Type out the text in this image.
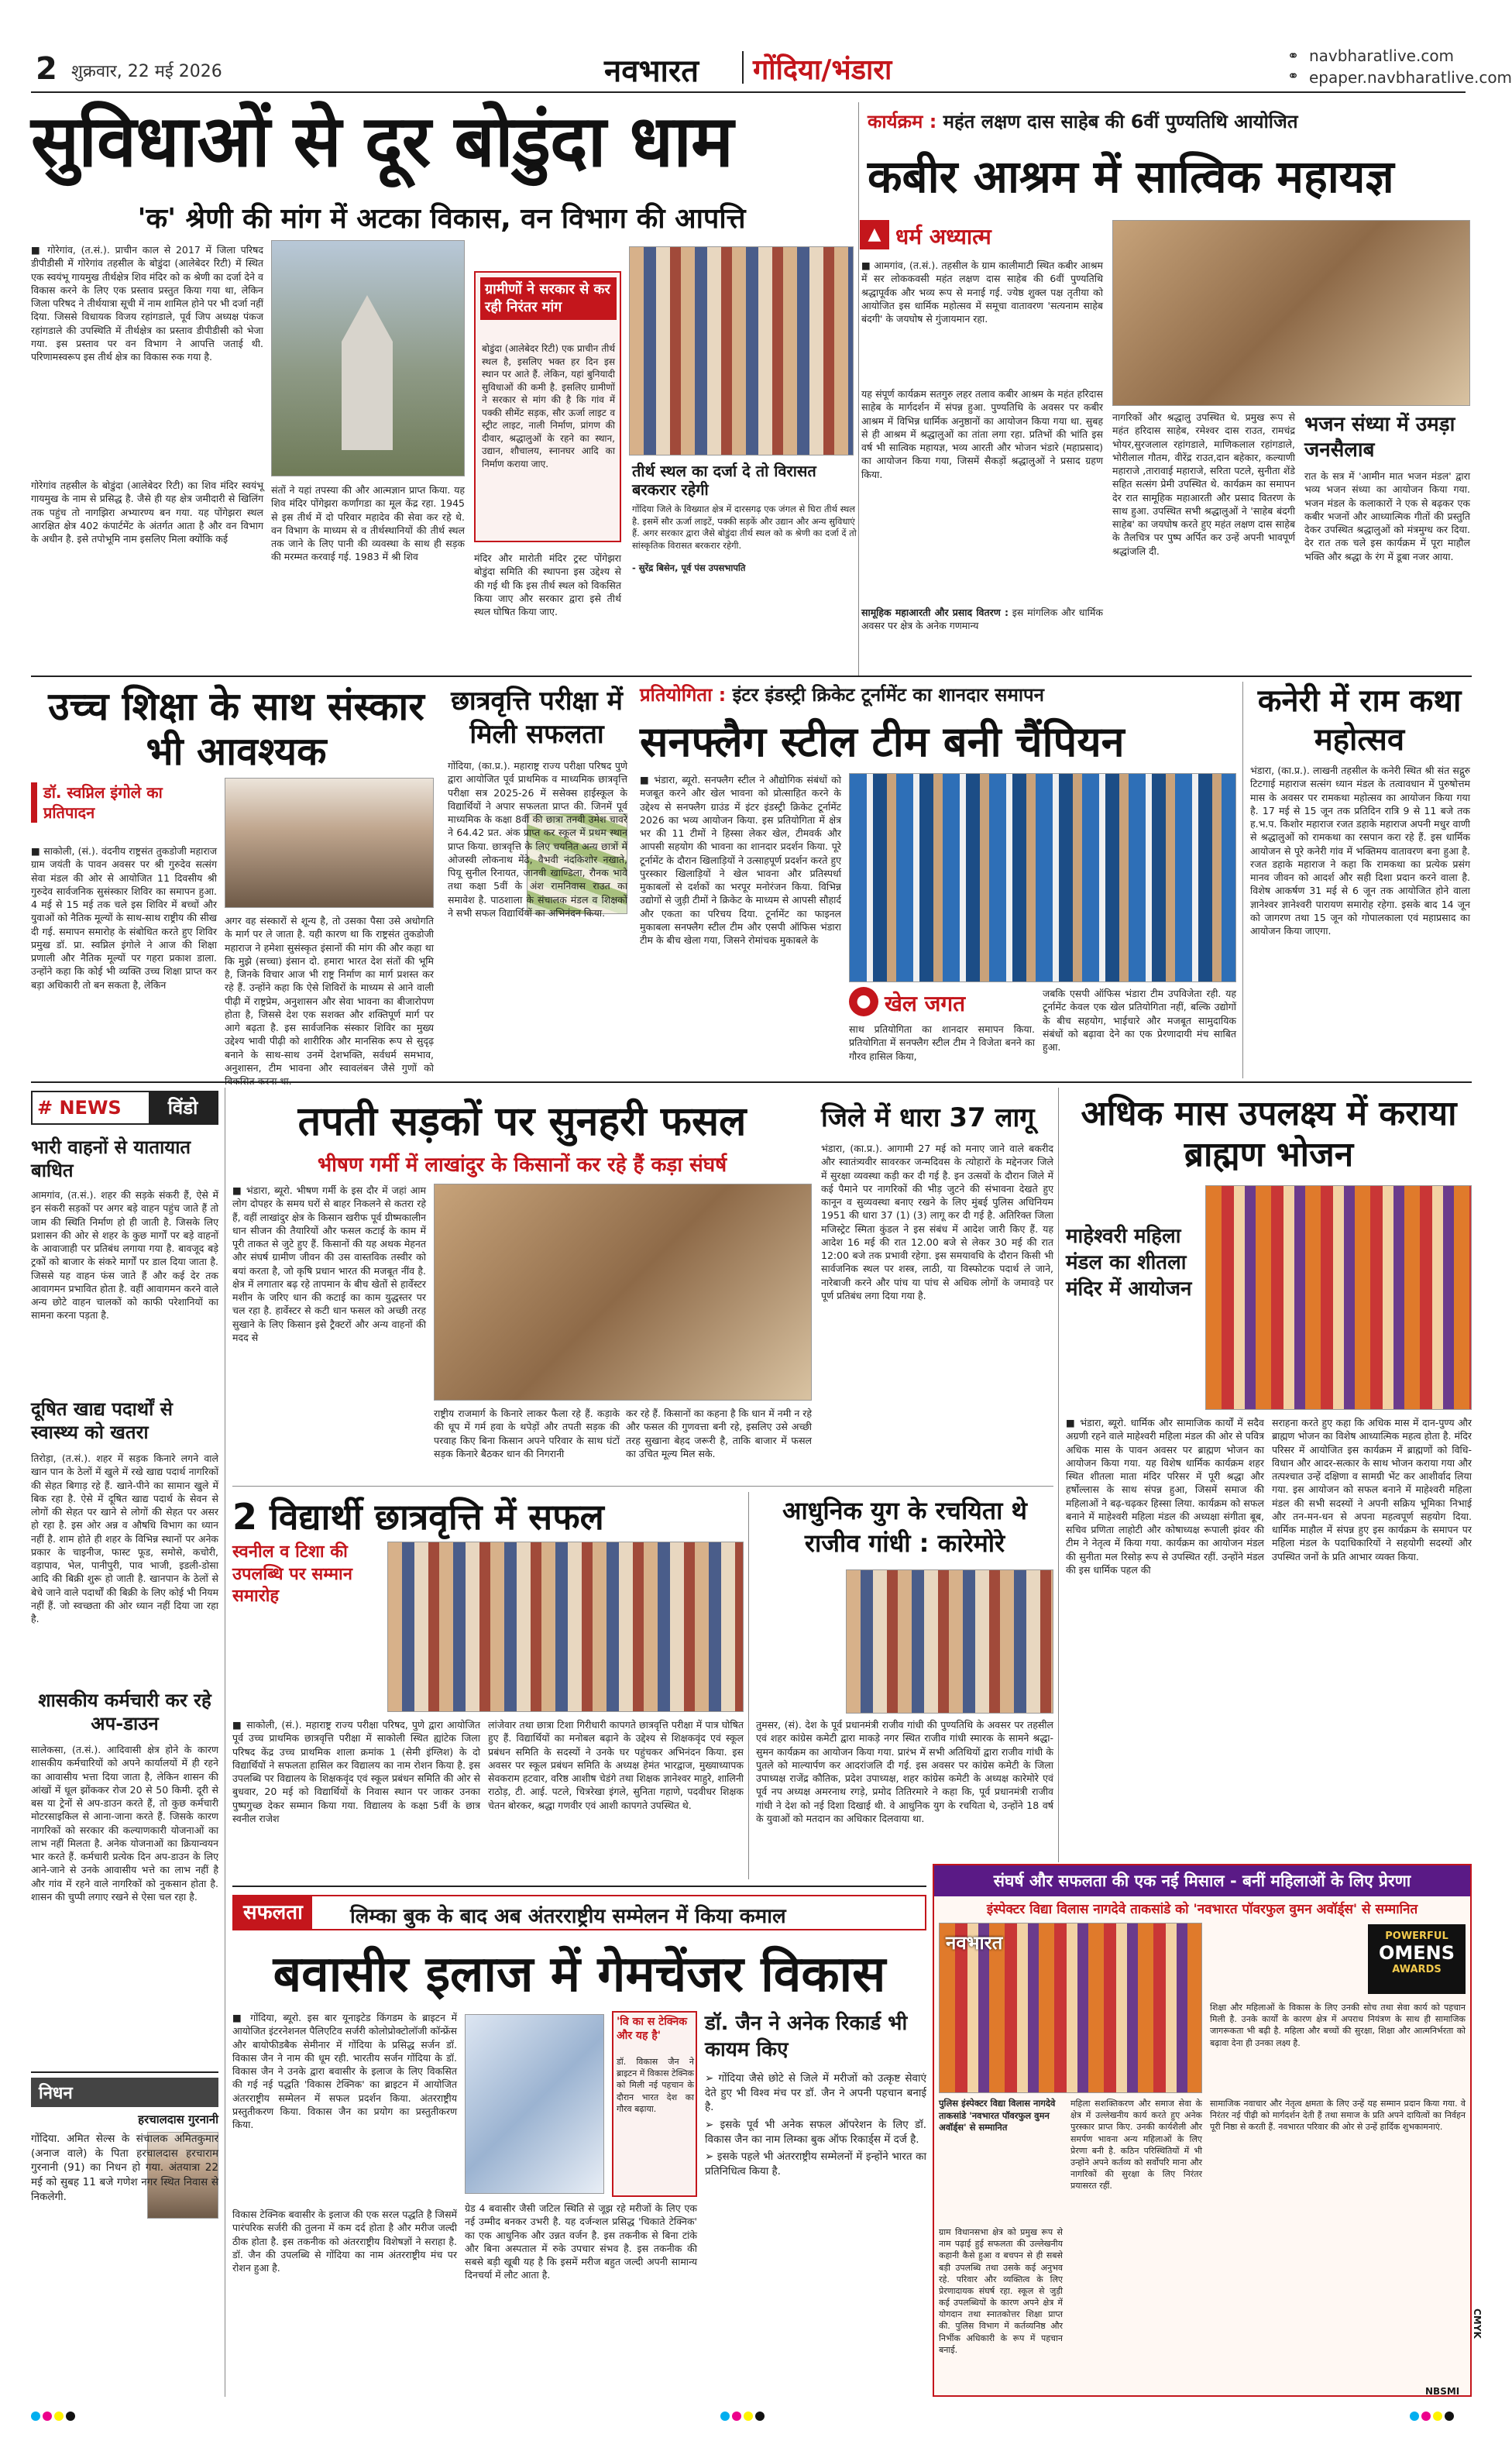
2 शुक्रवार, 22 मई 2026	नवभारत गोंदिया/भंडारा	⚭ navbharatlive.com
⚭ epaper.navbharatlive.com
सुविधाओं से दूर बोडुंदा धाम
'क' श्रेणी की मांग में अटका विकास, वन विभाग की आपत्ति
■ गोरेगांव, (त.सं.). प्राचीन काल से 2017 में जिला परिषद डीपीडीसी में गोरेगांव तहसील के बोडुंदा (आलेबेदर रिटी) में स्थित एक स्वयंभू गायमुख तीर्थक्षेत्र शिव मंदिर को क श्रेणी का दर्जा देने व विकास करने के लिए एक प्रस्ताव प्रस्तुत किया गया था, लेकिन जिला परिषद ने तीर्थयात्रा सूची में नाम शामिल होने पर भी दर्जा नहीं दिया. जिससे विधायक विजय रहांगडाले, पूर्व जिप अध्यक्ष पंकज रहांगडाले की उपस्थिति में तीर्थक्षेत्र का प्रस्ताव डीपीडीसी को भेजा गया. इस प्रस्ताव पर वन विभाग ने आपत्ति जताई थी. परिणामस्वरूप इस तीर्थ क्षेत्र का विकास रुक गया है.
गोरेगांव तहसील के बोडुंदा (आलेबेदर रिटी) का शिव मंदिर स्वयंभू गायमुख के नाम से प्रसिद्ध है. जैसे ही यह क्षेत्र जमीदारी से खिलिंग तक पहुंच तो नागझिरा अभ्यारण्य बन गया. यह पोंगेझरा स्थल आरक्षित क्षेत्र 402 कंपार्टमेंट के अंतर्गत आता है और वन विभाग के अधीन है. इसे तपोभूमि नाम इसलिए मिला क्योंकि कई
संतों ने यहां तपस्या की और आत्मज्ञान प्राप्त किया. यह शिव मंदिर पोंगेझरा कर्णांगडा का मूल केंद्र रहा. 1945 से इस तीर्थ में दो परिवार महादेव की सेवा कर रहे थे. वन विभाग के माध्यम से व तीर्थस्थानियों की तीर्थ स्थल तक जाने के लिए पानी की व्यवस्था के साथ ही सड़क की मरम्मत करवाई गई. 1983 में श्री शिव
ग्रामीणों ने सरकार से कर रही निरंतर मांग
बोडुंदा (आलेबेदर रिटी) एक प्राचीन तीर्थ स्थल है, इसलिए भक्त हर दिन इस स्थान पर आते हैं. लेकिन, यहां बुनियादी सुविधाओं की कमी है. इसलिए ग्रामीणों ने सरकार से मांग की है कि गांव में पक्की सीमेंट सड़क, सौर ऊर्जा लाइट व स्ट्रीट लाइट, नाली निर्माण, प्रांगण की दीवार, श्रद्धालुओं के रहने का स्थान, उद्यान, शौचालय, स्नानघर आदि का निर्माण कराया जाए.	तीर्थ स्थल का दर्जा दे तो विरासत बरकरार रहेगी
गोंदिया जिले के विख्यात क्षेत्र में दारसगढ़ एक जंगल से घिरा तीर्थ स्थल है. इसमें सौर ऊर्जा लाइटें, पक्की सड़कें और उद्यान और अन्य सुविधाएं हैं. अगर सरकार द्वारा जैसे बोडुंदा तीर्थ स्थल को क श्रेणी का दर्जा दें तो सांस्कृतिक विरासत बरकरार रहेगी.
- सुरेंद्र बिसेन, पूर्व पंस उपसभापति
मंदिर और मारोती मंदिर ट्रस्ट पोंगेझरा बोडुंदा समिति की स्थापना इस उद्देश्य से की गई थी कि इस तीर्थ स्थल को विकसित किया जाए और सरकार द्वारा इसे तीर्थ स्थल घोषित किया जाए.
कार्यक्रम : महंत लक्षण दास साहेब की 6वीं पुण्यतिथि आयोजित
कबीर आश्रम में सात्विक महायज्ञ
▲ धर्म अध्यात्म
■ आमगांव, (त.सं.). तहसील के ग्राम कालीमाटी स्थित कबीर आश्रम में सर लोककवसी महंत लक्षण दास साहेब की 6वीं पुण्यतिथि श्रद्धापूर्वक और भव्य रूप से मनाई गई. ज्येष्ठ शुक्ल पक्ष तृतीया को आयोजित इस धार्मिक महोत्सव में समूचा वातावरण 'सत्यनाम साहेब बंदगी' के जयघोष से गुंजायमान रहा.
यह संपूर्ण कार्यक्रम सतगुरु लहर तलाव कबीर आश्रम के महंत हरिदास साहेब के मार्गदर्शन में संपन्न हुआ. पुण्यतिथि के अवसर पर कबीर आश्रम में विभिन्न धार्मिक अनुष्ठानों का आयोजन किया गया था. सुबह से ही आश्रम में श्रद्धालुओं का तांता लगा रहा. प्रतिभों की भांति इस वर्ष भी सात्विक महायज्ञ, भव्य आरती और भोजन भंडारे (महाप्रसाद) का आयोजन किया गया, जिसमें सैकड़ों श्रद्धालुओं ने प्रसाद ग्रहण किया.
सामूहिक महाआरती और प्रसाद वितरण : इस मांगलिक और धार्मिक अवसर पर क्षेत्र के अनेक गणमान्य
नागरिकों और श्रद्धालु उपस्थित थे. प्रमुख रूप से महंत हरिदास साहेब, रमेश्वर दास राउत, रामचंद्र भोयर,सुरजलाल रहांगडाले, माणिकलाल रहांगडाले, भोरीलाल गौतम, वीरेंद्र राउत,दान बहेकार, कल्याणी महाराजे ,तारावाई महाराजे, सरिता पटले, सुनीता शेंडे सहित सत्संग प्रेमी उपस्थित थे. कार्यक्रम का समापन देर रात सामूहिक महाआरती और प्रसाद वितरण के साथ हुआ. उपस्थित सभी श्रद्धालुओं ने 'साहेब बंदगी साहेब' का जयघोष करते हुए महंत लक्षण दास साहेब के तैलचित्र पर पुष्प अर्पित कर उन्हें अपनी भावपूर्ण श्रद्धांजलि दी.
भजन संध्या में उमड़ा जनसैलाब
रात के सत्र में 'आमीन मात भजन मंडल' द्वारा भव्य भजन संध्या का आयोजन किया गया. भजन मंडल के कलाकारों ने एक से बढ़कर एक कबीर भजनों और आध्यात्मिक गीतों की प्रस्तुति देकर उपस्थित श्रद्धालुओं को मंत्रमुग्ध कर दिया. देर रात तक चले इस कार्यक्रम में पूरा माहौल भक्ति और श्रद्धा के रंग में डूबा नजर आया.
उच्च शिक्षा के साथ संस्कार भी आवश्यक
डॉ. स्वप्निल इंगोले का प्रतिपादन
■ साकोली, (सं.). वंदनीय राष्ट्रसंत तुकडोजी महाराज ग्राम जयंती के पावन अवसर पर श्री गुरुदेव सत्संग सेवा मंडल की ओर से आयोजित 11 दिवसीय श्री गुरुदेव सार्वजनिक सुसंस्कार शिविर का समापन हुआ. 4 मई से 15 मई तक चले इस शिविर में बच्चों और युवाओं को नैतिक मूल्यों के साथ-साथ राष्ट्रीय की सीख दी गई. समापन समारोह के संबोधित करते हुए शिविर प्रमुख डॉ. प्रा. स्वप्निल इंगोले ने आज की शिक्षा प्रणाली और नैतिक मूल्यों पर गहरा प्रकाश डाला. उन्होंने कहा कि कोई भी व्यक्ति उच्च शिक्षा प्राप्त कर बड़ा अधिकारी तो बन सकता है, लेकिन
अगर वह संस्कारों से शून्य है, तो उसका पैसा उसे अधोगति के मार्ग पर ले जाता है. यही कारण था कि राष्ट्रसंत तुकडोजी महाराज ने हमेशा सुसंस्कृत इंसानों की मांग की और कहा था कि मुझे (सच्चा) इंसान दो. हमारा भारत देश संतों की भूमि है, जिनके विचार आज भी राष्ट्र निर्माण का मार्ग प्रशस्त कर रहे हैं. उन्होंने कहा कि ऐसे शिविरों के माध्यम से आने वाली पीढ़ी में राष्ट्रप्रेम, अनुशासन और सेवा भावना का बीजारोपण होता है, जिससे देश एक सशक्त और शक्तिपूर्ण मार्ग पर आगे बढ़ता है. इस सार्वजनिक संस्कार शिविर का मुख्य उद्देश्य भावी पीढ़ी को शारीरिक और मानसिक रूप से सुदृढ़ बनाने के साथ-साथ उनमें देशभक्ति, सर्वधर्म समभाव, अनुशासन, टीम भावना और स्वावलंबन जैसे गुणों को
छात्रवृत्ति परीक्षा में मिली सफलता
गोंदिया, (का.प्र.). महाराष्ट्र राज्य परीक्षा परिषद पुणे द्वारा आयोजित पूर्व प्राथमिक व माध्यमिक छात्रवृत्ति परीक्षा सत्र 2025-26 में ससेक्स हाईस्कूल के विद्यार्थियों ने अपार सफलता प्राप्त की. जिनमें पूर्व माध्यमिक के कक्षा 8वीं की छात्रा तनवी उमेश चावरे ने 64.42 प्रत. अंक प्राप्त कर स्कूल में प्रथम स्थान प्राप्त किया. छात्रवृत्ति के लिए चयनित अन्य छात्रों में ओजस्वी लोकनाथ मेंढे, वैभवी नंदकिशोर नखाते, पियू सुनील रिनायत, जानवी खाण्डिला, रौनक भावे तथा कक्षा 5वीं के अंश रामनिवास राउत का समावेश है. पाठशाला के संचालक मंडल व शिक्षकों ने सभी सफल विद्यार्थियों का अभिनंदन किया.
प्रतियोगिता : इंटर इंडस्ट्री क्रिकेट टूर्नामेंट का शानदार समापन
सनफ्लैग स्टील टीम बनी चैंपियन
■ भंडारा, ब्यूरो. सनफ्लैग स्टील ने औद्योगिक संबंधों को मजबूत करने और खेल भावना को प्रोत्साहित करने के उद्देश्य से सनफ्लैग ग्राउंड में इंटर इंडस्ट्री क्रिकेट टूर्नामेंट 2026 का भव्य आयोजन किया. इस प्रतियोगिता में क्षेत्र भर की 11 टीमों ने हिस्सा लेकर खेल, टीमवर्क और आपसी सहयोग की भावना का शानदार प्रदर्शन किया. पूरे टूर्नामेंट के दौरान खिलाड़ियों ने उत्साहपूर्ण प्रदर्शन करते हुए पुरस्कार खिलाड़ियों ने खेल भावना और प्रतिस्पर्धा मुकाबलों से दर्शकों का भरपूर मनोरंजन किया. विभिन्न उद्योगों से जुड़ी टीमों ने क्रिकेट के माध्यम से आपसी सौहार्द और एकता का परिचय दिया. टूर्नामेंट का फाइनल मुकाबला सनफ्लैग स्टील टीम और एसपी ऑफिस भंडारा टीम के बीच खेला गया, जिसने रोमांचक मुकाबले के
● खेल जगत
साथ प्रतियोगिता का शानदार समापन किया. प्रतियोगिता में सनफ्लैग स्टील टीम ने विजेता बनने का गौरव हासिल किया,
जबकि एसपी ऑफिस भंडारा टीम उपविजेता रही. यह टूर्नामेंट केवल एक खेल प्रतियोगिता नहीं, बल्कि उद्योगों के बीच सहयोग, भाईचारे और मजबूत सामुदायिक संबंधों को बढ़ावा देने का एक प्रेरणादायी मंच साबित हुआ.
कनेरी में राम कथा महोत्सव
भंडारा, (का.प्र.). लाखनी तहसील के कनेरी स्थित श्री संत सद्गुरु टिटगाई महाराज सत्संग ध्यान मंडल के तत्वावधान में पुरुषोत्तम मास के अवसर पर रामकथा महोत्सव का आयोजन किया गया है. 17 मई से 15 जून तक प्रतिदिन रात्रि 9 से 11 बजे तक ह.भ.प. किशोर महाराज रजत डहाके महाराज अपनी मधुर वाणी से श्रद्धालुओं को रामकथा का रसपान करा रहे हैं. इस धार्मिक आयोजन से पूरे कनेरी गांव में भक्तिमय वातावरण बना हुआ है. रजत डहाके महाराज ने कहा कि रामकथा का प्रत्येक प्रसंग मानव जीवन को आदर्श और सही दिशा प्रदान करने वाला है. विशेष आकर्षण 31 मई से 6 जून तक आयोजित होने वाला ज्ञानेश्वर ज्ञानेश्वरी पारायण समारोह रहेगा. इसके बाद 14 जून को जागरण तथा 15 जून को गोपालकाला एवं महाप्रसाद का आयोजन किया जाएगा.
# NEWS	विंडो
भारी वाहनों से यातायात बाधित
आमगांव, (त.सं.). शहर की सड़के संकरी हैं, ऐसे में इन संकरी सड़कों पर अगर बड़े वाहन पहुंच जाते हैं तो जाम की स्थिति निर्माण हो ही जाती है. जिसके लिए प्रशासन की ओर से शहर के कुछ मार्गों पर बड़े वाहनों के आवाजाही पर प्रतिबंध लगाया गया है. बावजूद बड़े ट्रकों को बाजार के संकरे मार्गों पर डाल दिया जाता है. जिससे यह वाहन फंस जाते हैं और कई देर तक आवागमन प्रभावित होता है. वहीं आवागमन करने वाले अन्य छोटे वाहन चालकों को काफी परेशानियों का सामना करना पड़ता है.
दूषित खाद्य पदार्थों से स्वास्थ्य को खतरा
तिरोड़ा, (त.सं.). शहर में सड़क किनारे लगने वाले खान पान के ठेलों में खुले में रखे खाद्य पदार्थ नागरिकों की सेहत बिगाड़ रहे हैं. खाने-पीने का सामान खुले में बिक रहा है. ऐसे में दूषित खाद्य पदार्थ के सेवन से लोगों की सेहत पर खाने से लोगों की सेहत पर असर हो रहा है. इस ओर अन्न व औषधि विभाग का ध्यान नहीं है. शाम होते ही शहर के विभिन्न स्थानों पर अनेक प्रकार के चाइनीज, फास्ट फूड, समोसे, कचोरी, वड़ापाव, भेल, पानीपुरी, पाव भाजी, इडली-डोसा आदि की बिक्री शुरू हो जाती है. खानपान के ठेलों से बेचे जाने वाले पदार्थों की बिक्री के लिए कोई भी नियम नहीं हैं. जो स्वच्छता की ओर ध्यान नहीं दिया जा रहा है.
शासकीय कर्मचारी कर रहे अप-डाउन
सालेकसा, (त.सं.). आदिवासी क्षेत्र होने के कारण शासकीय कर्मचारियों को अपने कार्यालयों में ही रहने का आवासीय भत्ता दिया जाता है, लेकिन शासन की आंखों में धूल झोंककर रोज 20 से 50 किमी. दूरी से बस या ट्रेनों से अप-डाउन करते हैं, तो कुछ कर्मचारी मोटरसाइकिल से आना-जाना करते हैं. जिसके कारण नागरिकों को सरकार की कल्याणकारी योजनाओं का लाभ नहीं मिलता है. अनेक योजनाओं का क्रियान्वयन भार करते हैं. कर्मचारी प्रत्येक दिन अप-डाउन के लिए आने-जाने से उनके आवासीय भत्ते का लाभ नहीं है और गांव में रहने वाले नागरिकों को नुकसान होता है. शासन की चुप्पी लगाए रखने से ऐसा चल रहा है.
निधन
हरचालदास गुरनानी
गोंदिया. अमित सेल्स के संचालक अमितकुमार (अनाज वाले) के पिता हरचालदास हरचाराम गुरनानी (91) का निधन हो गया. अंतयात्रा 22 मई को सुबह 11 बजे गणेश नगर स्थित निवास से निकलेगी.
तपती सड़कों पर सुनहरी फसल
भीषण गर्मी में लाखांदुर के किसानों कर रहे हैं कड़ा संघर्ष
■ भंडारा, ब्यूरो. भीषण गर्मी के इस दौर में जहां आम लोग दोपहर के समय घरों से बाहर निकलने से कतरा रहे हैं, वहीं लाखांदुर क्षेत्र के किसान खरीफ पूर्व ग्रीष्मकालीन धान सीजन की तैयारियों और फसल कटाई के काम में पूरी ताकत से जुटे हुए हैं. किसानों की यह अथक मेहनत और संघर्ष ग्रामीण जीवन की उस वास्तविक तस्वीर को बयां करता है, जो कृषि प्रधान भारत की मजबूत नींव है. क्षेत्र में लगातार बढ़ रहे तापमान के बीच खेतों से हार्वेस्टर मशीन के जरिए धान की कटाई का काम युद्धस्तर पर चल रहा है. हार्वेस्टर से कटी धान फसल को अच्छी तरह सुखाने के लिए किसान इसे ट्रैक्टरों और अन्य वाहनों की मदद से
राष्ट्रीय राजमार्ग के किनारे लाकर फैला रहे हैं. कड़ाके की धूप में गर्म हवा के थपेड़ों और तपती सड़क की परवाह किए बिना किसान अपने परिवार के साथ घंटों सड़क किनारे बैठकर धान की निगरानी
कर रहे हैं. किसानों का कहना है कि धान में नमी न रहे और फसल की गुणवत्ता बनी रहे, इसलिए उसे अच्छी तरह सुखाना बेहद जरूरी है, ताकि बाजार में फसल का उचित मूल्य मिल सके.
जिले में धारा 37 लागू
भंडारा, (का.प्र.). आगामी 27 मई को मनाए जाने वाले बकरीद और स्वातंत्र्यवीर सावरकर जन्मदिवस के त्योहारों के मद्देनजर जिले में सुरक्षा व्यवस्था कड़ी कर दी गई है. इन उत्सवों के दौरान जिले में कई पैमाने पर नागरिकों की भीड़ जुटने की संभावना देखते हुए कानून व सुव्यवस्था बनाए रखने के लिए मुंबई पुलिस अधिनियम 1951 की धारा 37 (1) (3) लागू कर दी गई है. अतिरिक्त जिला मजिस्ट्रेट स्मिता कुंडल ने इस संबंध में आदेश जारी किए हैं. यह आदेश 16 मई की रात 12.00 बजे से लेकर 30 मई की रात 12:00 बजे तक प्रभावी रहेगा. इस समयावधि के दौरान किसी भी सार्वजनिक स्थल पर शस्त्र, लाठी, या विस्फोटक पदार्थ ले जाने, नारेबाजी करने और पांच या पांच से अधिक लोगों के जमावड़े पर पूर्ण प्रतिबंध लगा दिया गया है.
अधिक मास उपलक्ष्य में कराया ब्राह्मण भोजन
माहेश्वरी महिला मंडल का शीतला मंदिर में आयोजन
■ भंडारा, ब्यूरो. धार्मिक और सामाजिक कार्यों में सदैव अग्रणी रहने वाले माहेश्वरी महिला मंडल की ओर से पवित्र अधिक मास के पावन अवसर पर ब्राह्मण भोजन का आयोजन किया गया. यह विशेष धार्मिक कार्यक्रम शहर स्थित शीतला माता मंदिर परिसर में पूरी श्रद्धा और हर्षोल्लास के साथ संपन्न हुआ, जिसमें समाज की महिलाओं ने बढ़-चढ़कर हिस्सा लिया. कार्यक्रम को सफल बनाने में माहेश्वरी महिला मंडल की अध्यक्षा संगीता बूब, सचिव प्रणिता लाहोटी और कोषाध्यक्ष रूपाली झंवर की टीम ने नेतृत्व में किया गया. कार्यक्रम का आयोजन मंडल की सुनीता मल रिसोड़ रूप से उपस्थित रहीं. उन्होंने मंडल की इस धार्मिक पहल की
सराहना करते हुए कहा कि अधिक मास में दान-पुण्य और ब्राह्मण भोजन का विशेष आध्यात्मिक महत्व होता है. मंदिर परिसर में आयोजित इस कार्यक्रम में ब्राह्मणों को विधि-विधान और आदर-सत्कार के साथ भोजन कराया गया और तत्पश्चात उन्हें दक्षिणा व सामग्री भेंट कर आशीर्वाद लिया गया. इस आयोजन को सफल बनाने में माहेश्वरी महिला मंडल की सभी सदस्यों ने अपनी सक्रिय भूमिका निभाई और तन-मन-धन से अपना महत्वपूर्ण सहयोग दिया. धार्मिक माहौल में संपन्न हुए इस कार्यक्रम के समापन पर महिला मंडल के पदाधिकारियों ने सहयोगी सदस्यों और उपस्थित जनों के प्रति आभार व्यक्त किया.
2 विद्यार्थी छात्रवृत्ति में सफल
स्वनील व टिशा की उपलब्धि पर सम्मान समारोह
■ साकोली, (सं.). महाराष्ट्र राज्य परीक्षा परिषद, पुणे द्वारा आयोजित पूर्व उच्च प्राथमिक छात्रवृत्ति परीक्षा में साकोली स्थित ह्यांटेक जिला परिषद केंद्र उच्च प्राथमिक शाला क्रमांक 1 (सेमी इंग्लिश) के दो विद्यार्थियों ने सफलता हासिल कर विद्यालय का नाम रोशन किया है. इस उपलब्धि पर विद्यालय के शिक्षकवृंद एवं स्कूल प्रबंधन समिति की ओर से बुधवार, 20 मई को विद्यार्थियों के निवास स्थान पर जाकर उनका पुष्पगुच्छ देकर सम्मान किया गया. विद्यालय के कक्षा 5वीं के छात्र स्वनील राजेश
लांजेवार तथा छात्रा टिशा गिरीधारी कापगते छात्रवृत्ति परीक्षा में पात्र घोषित हुए हैं. विद्यार्थियों का मनोबल बढ़ाने के उद्देश्य से शिक्षकवृंद एवं स्कूल प्रबंधन समिति के सदस्यों ने उनके घर पहुंचकर अभिनंदन किया. इस अवसर पर स्कूल प्रबंधन समिति के अध्यक्ष हेमंत भारद्वाज, मुख्याध्यापक सेवकराम हटवार, वरिष्ठ आशीष चेडंगे तथा शिक्षक ज्ञानेश्वर माहुरे, शालिनी राठोड़, टी. आई. पटले, चित्ररेखा इंगले, सुनिता गहाणे, पदवीधर शिक्षक चेतन बोरकर, श्रद्धा गणवीर एवं आशी कापगते उपस्थित थे.
आधुनिक युग के रचयिता थे राजीव गांधी : कारेमोरे
तुमसर, (सं). देश के पूर्व प्रधानमंत्री राजीव गांधी की पुण्यतिथि के अवसर पर तहसील एवं शहर कांग्रेस कमेटी द्वारा माकड़े नगर स्थित राजीव गांधी स्मारक के सामने श्रद्धा-सुमन कार्यक्रम का आयोजन किया गया. प्रारंभ में सभी अतिथियों द्वारा राजीव गांधी के पुतले को माल्यार्पण कर आदरांजलि दी गई. इस अवसर पर कांग्रेस कमेटी के जिला उपाध्यक्ष राजेंद्र कौतिक, प्रदेश उपाध्यक्ष, शहर कांग्रेस कमेटी के अध्यक्ष कारेमोरे एवं पूर्व नप अध्यक्ष अमरनाथ रगड़े, प्रमोद तितिरमारे ने कहा कि, पूर्व प्रधानमंत्री राजीव गांधी ने देश को नई दिशा दिखाई थी. वे आधुनिक युग के रचयिता थे, उन्होंने 18 वर्ष के युवाओं को मतदान का अधिकार दिलवाया था.
सफलता	लिम्का बुक के बाद अब अंतरराष्ट्रीय सम्मेलन में किया कमाल
बवासीर इलाज में गेमचेंजर विकास
■ गोंदिया, ब्यूरो. इस बार यूनाइटेड किंगडम के ब्राइटन में आयोजित इंटरनेशनल पैलिएटिव सर्जरी कोलोप्रोक्टोलॉजी कॉन्फ्रेंस और बायोफीडबैक सेमीनार में गोंदिया के प्रसिद्ध सर्जन डॉ. विकास जैन ने नाम की धूम रही. भारतीय सर्जन गोंदिया के डॉ. विकास जैन ने उनके द्वारा बवासीर के इलाज के लिए विकसित की गई नई पद्धति 'विकास टेक्निक' का ब्राइटन में आयोजित अंतरराष्ट्रीय सम्मेलन में सफल प्रदर्शन किया. अंतरराष्ट्रीय प्रस्तुतीकरण किया. विकास जैन का प्रयोग का प्रस्तुतीकरण किया.
विकास टेक्निक बवासीर के इलाज की एक सरल पद्धति है जिसमें पारंपरिक सर्जरी की तुलना में कम दर्द होता है और मरीज जल्दी ठीक होता है. इस तकनीक को अंतरराष्ट्रीय विशेषज्ञों ने सराहा है. डॉ. जैन की उपलब्धि से गोंदिया का नाम अंतरराष्ट्रीय मंच पर रोशन हुआ है.
'वि का स टेक्निक और यह है'
डॉ. विकास जैन ने ब्राइटन में विकास टेक्निक को मिली नई पहचान के दौरान भारत देश का गौरव बढ़ाया.
ग्रेड 4 बवासीर जैसी जटिल स्थिति से जूझ रहे मरीजों के लिए एक नई उम्मीद बनकर उभरी है. यह दर्जन्शल प्रसिद्ध 'चिकाते टेक्निक' का एक आधुनिक और उन्नत वर्जन है. इस तकनीक से बिना टांके और बिना अस्पताल में रुके उपचार संभव है. इस तकनीक की सबसे बड़ी खूबी यह है कि इसमें मरीज बहुत जल्दी अपनी सामान्य दिनचर्या में लौट आता है.
डॉ. जैन ने अनेक रिकार्ड भी कायम किए

➢ गोंदिया जैसे छोटे से जिले में मरीजों को उत्कृष्ट सेवाएं देते हुए भी विश्व मंच पर डॉ. जैन ने अपनी पहचान बनाई है.

➢ इसके पूर्व भी अनेक सफल ऑपरेशन के लिए डॉ. विकास जैन का नाम लिम्का बुक ऑफ रिकार्ड्स में दर्ज है.

➢ इसके पहले भी अंतरराष्ट्रीय सम्मेलनों में इन्होंने भारत का प्रतिनिधित्व किया है.

संघर्ष और सफलता की एक नई मिसाल - बनीं महिलाओं के लिए प्रेरणा
इंस्पेक्टर विद्या विलास नागदेवे ताकसांडे को 'नवभारत पॉवरफुल वुमन अवॉर्ड्स' से सम्मानित
नवभारत	POWERFUL
OMENS
AWARDS
शिक्षा और महिलाओं के विकास के लिए उनकी सोच तथा सेवा कार्य को पहचान मिली है. उनके कार्यों के कारण क्षेत्र में अपराध नियंत्रण के साथ ही सामाजिक जागरूकता भी बढ़ी है. महिला और बच्चों की सुरक्षा, शिक्षा और आत्मनिर्भरता को बढ़ावा देना ही उनका लक्ष्य है.
पुलिस इंस्पेक्टर विद्या विलास नागदेवे ताकसांडे 'नवभारत पॉवरफुल वुमन अवॉर्ड्स' से सम्मानित
ग्राम विधानसभा क्षेत्र को प्रमुख रूप से नाम पढ़ाई हुई सफलता की उल्लेखनीय कहानी कैसे हुआ व बचपन से ही सबसे बड़ी उपलब्धि तथा उसके कई अनुभव रहे. परिवार और व्यक्तित्व के लिए प्रेरणादायक संघर्ष रहा. स्कूल से जुड़ी कई उपलब्धियों के कारण अपने क्षेत्र में योगदान तथा स्नातकोत्तर शिक्षा प्राप्त की. पुलिस विभाग में कर्तव्यनिष्ठ और निर्भीक अधिकारी के रूप में पहचान बनाई.
महिला सशक्तिकरण और समाज सेवा के क्षेत्र में उल्लेखनीय कार्य करते हुए अनेक पुरस्कार प्राप्त किए. उनकी कार्यशैली और समर्पण भावना अन्य महिलाओं के लिए प्रेरणा बनी है. कठिन परिस्थितियों में भी उन्होंने अपने कर्तव्य को सर्वोपरि माना और नागरिकों की सुरक्षा के लिए निरंतर प्रयासरत रहीं.
सामाजिक नवाचार और नेतृत्व क्षमता के लिए उन्हें यह सम्मान प्रदान किया गया. वे निरंतर नई पीढ़ी को मार्गदर्शन देती हैं तथा समाज के प्रति अपने दायित्वों का निर्वहन पूरी निष्ठा से करती हैं. नवभारत परिवार की ओर से उन्हें हार्दिक शुभकामनाएं.
NBSMI
CMYK
